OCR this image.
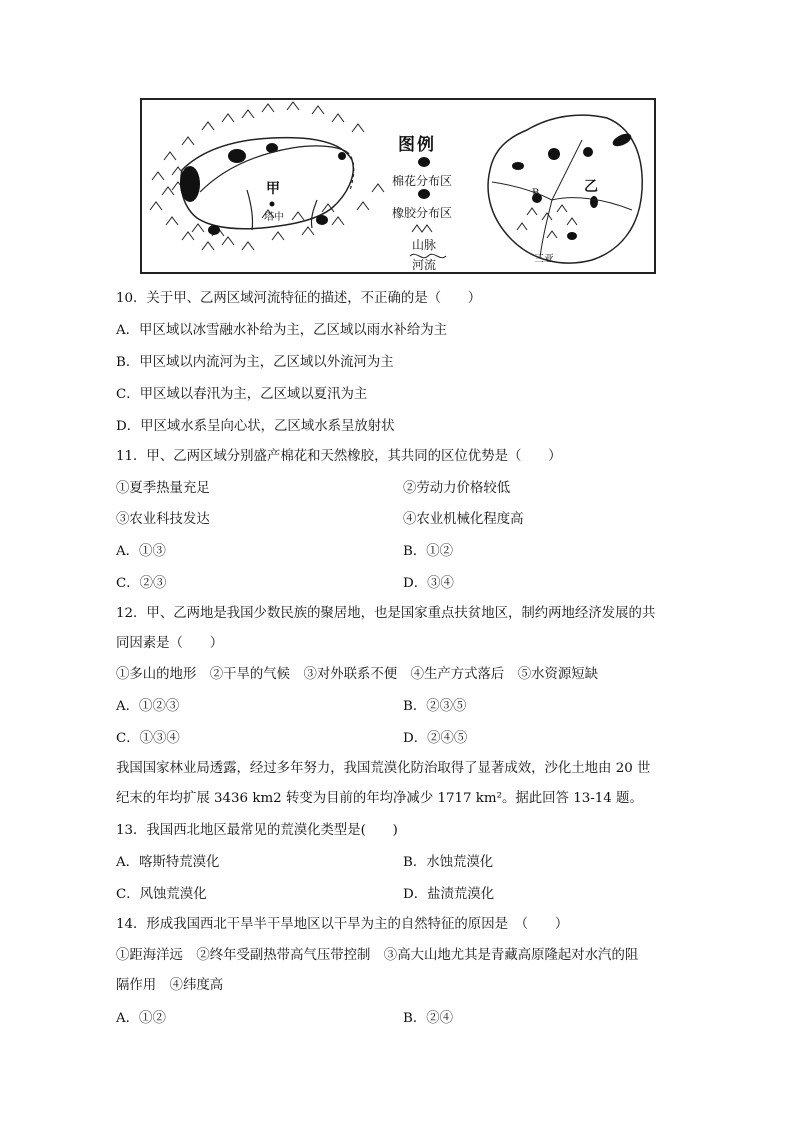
图例
棉花分布区
橡胶分布区
山脉
河流
甲
塔中
乙
B
三亚
10．关于甲、乙两区域河流特征的描述，不正确的是（　　）
A．甲区域以冰雪融水补给为主，乙区域以雨水补给为主
B．甲区域以内流河为主，乙区域以外流河为主
C．甲区域以春汛为主，乙区域以夏汛为主
D．甲区域水系呈向心状，乙区域水系呈放射状
11．甲、乙两区域分别盛产棉花和天然橡胶，其共同的区位优势是（　　）
①夏季热量充足	②劳动力价格较低
③农业科技发达	④农业机械化程度高
A．①③	B．①②
C．②③	D．③④
12．甲、乙两地是我国少数民族的聚居地，也是国家重点扶贫地区，制约两地经济发展的共
同因素是（　　）
①多山的地形　②干旱的气候　③对外联系不便　④生产方式落后　⑤水资源短缺
A．①②③	B．②③⑤
C．①③④	D．②④⑤
我国国家林业局透露，经过多年努力，我国荒漠化防治取得了显著成效，沙化土地由 20 世
纪末的年均扩展 3436 km2 转变为目前的年均净减少 1717 km²。据此回答 13-14 题。
13．我国西北地区最常见的荒漠化类型是(　　)
A．喀斯特荒漠化	B．水蚀荒漠化
C．风蚀荒漠化	D．盐渍荒漠化
14．形成我国西北干旱半干旱地区以干旱为主的自然特征的原因是　（　　）
①距海洋远　②终年受副热带高气压带控制　③高大山地尤其是青藏高原隆起对水汽的阻
隔作用　④纬度高
A．①②	B．②④
